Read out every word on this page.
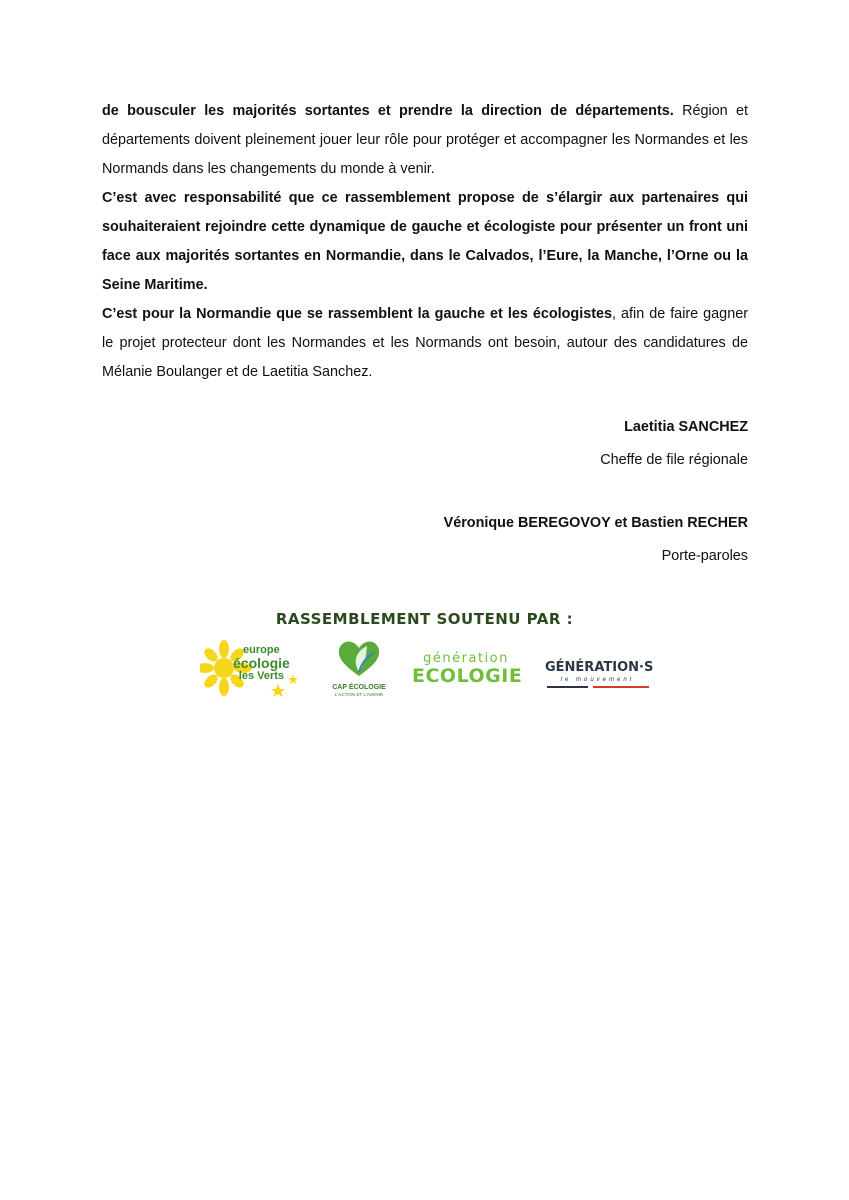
de bousculer les majorités sortantes et prendre la direction de départements. Région et départements doivent pleinement jouer leur rôle pour protéger et accompagner les Normandes et les Normands dans les changements du monde à venir.

C’est avec responsabilité que ce rassemblement propose de s’élargir aux partenaires qui souhaiteraient rejoindre cette dynamique de gauche et écologiste pour présenter un front uni face aux majorités sortantes en Normandie, dans le Calvados, l’Eure, la Manche, l’Orne ou la Seine Maritime.

C’est pour la Normandie que se rassemblent la gauche et les écologistes, afin de faire gagner le projet protecteur dont les Normandes et les Normands ont besoin, autour des candidatures de Mélanie Boulanger et de Laetitia Sanchez.

Laetitia SANCHEZ
Cheffe de file régionale
Véronique BEREGOVOY et Bastien RECHER
Porte-paroles
RASSEMBLEMENT SOUTENU PAR :
europe
écologie
les Verts
CAP ÉCOLOGIE
L'ACTION ET L'AVENIR
génération
ECOLOGIE GÉNÉRATION·S
le mouvement
